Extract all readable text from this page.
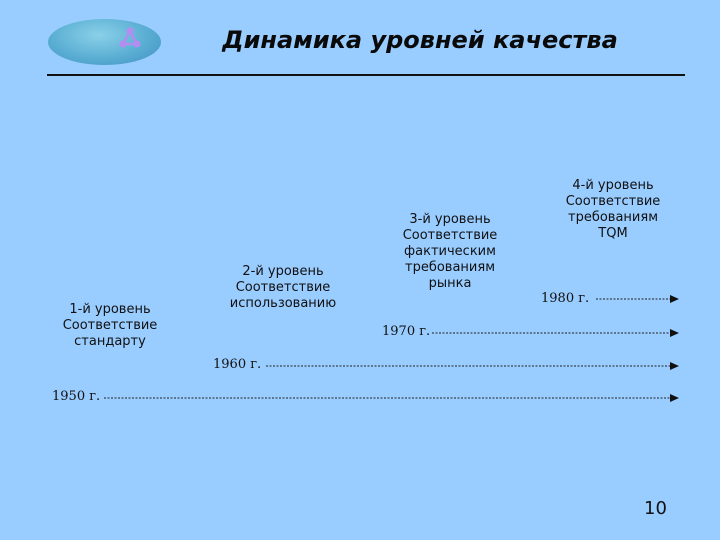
Динамика уровней качества
1-й уровень
Соответствие
стандарту
2-й уровень
Соответствие
использованию
3-й уровень
Соответствие
фактическим
требованиям
рынка
4-й уровень
Соответствие
требованиям
TQM
1950 г.
1960 г.
1970 г.
1980 г.
10
